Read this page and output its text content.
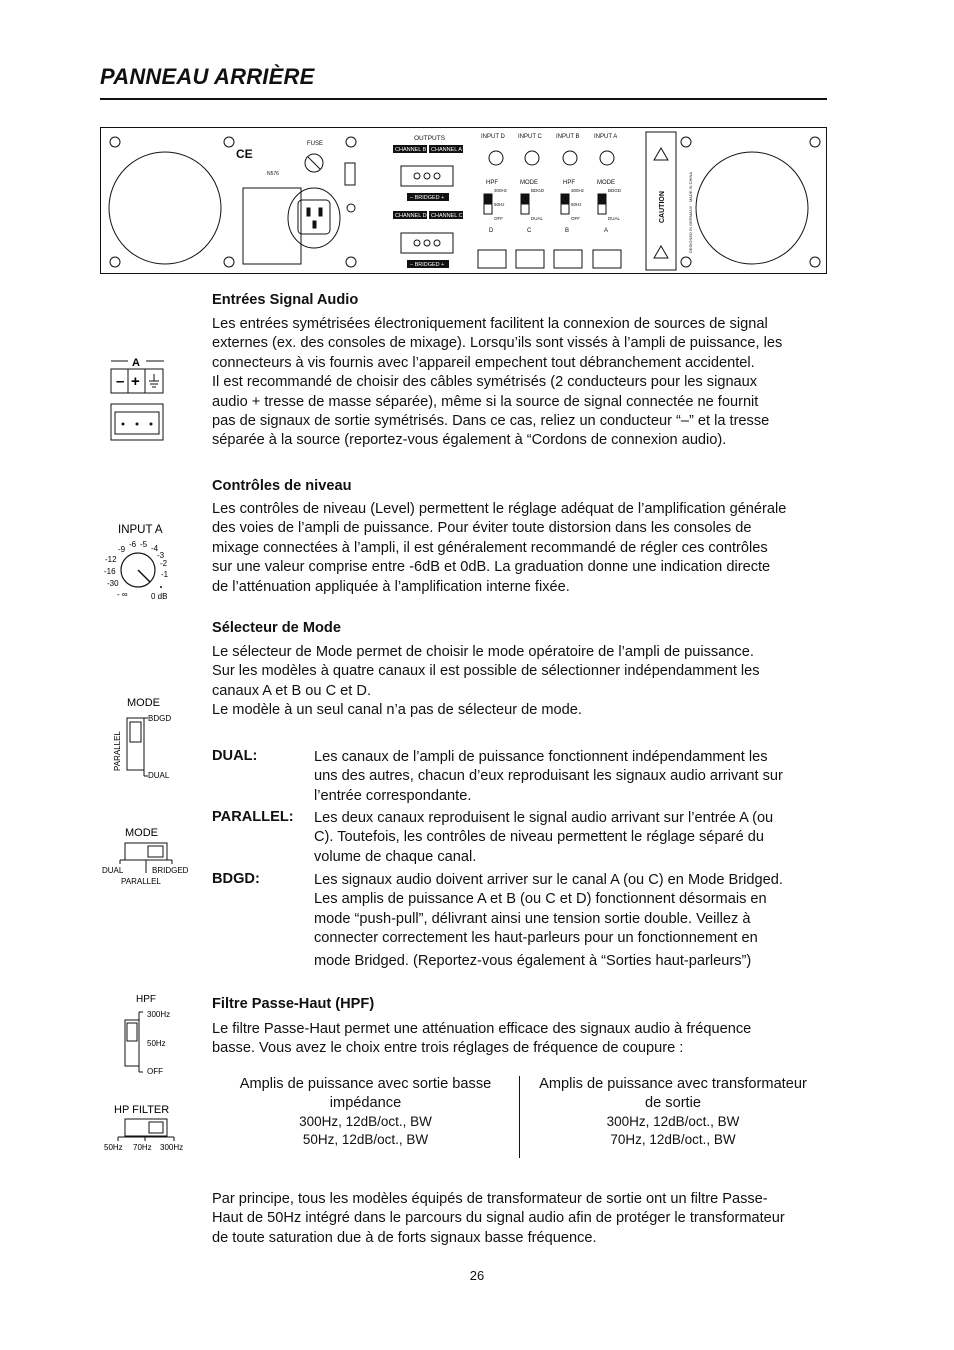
PANNEAU ARRIÈRE
FUSE
OUTPUTS
CHANNEL B CHANNEL A
– BRIDGED +
CHANNEL D CHANNEL C
– BRIDGED +
INPUT D INPUT C INPUT B INPUT A
HPF	MODE	HPF	MODE
300Hz
50Hz
OFF
BDGD
DUAL
300Hz
50Hz
OFF
BDGD
DUAL
D	C	B	A
CE
N576
CAUTION	DESIGNED IN GERMANY · MADE IN CHINA
Entrées Signal Audio

Les entrées symétrisées électroniquement facilitent la connexion de sources de signal

externes (ex. des consoles de mixage). Lorsqu’ils sont vissés à l’ampli de puissance, les

connecteurs à vis fournis avec l’appareil empechent tout débranchement accidentel.

Il est recommandé de choisir des câbles symétrisés (2 conducteurs pour les signaux

audio + tresse de masse séparée), même si la source de signal connectée ne fournit

pas de signaux de sortie symétrisés. Dans ce cas, reliez un conducteur “–” et la tresse

séparée à la source (reportez-vous également à “Cordons de connexion audio).

A
– +
Contrôles de niveau

Les contrôles de niveau (Level) permettent le réglage adéquat de l’amplification générale

des voies de l’ampli de puissance. Pour éviter toute distorsion dans les consoles de

mixage connectées à l’ampli, il est généralement recommandé de régler ces contrôles

sur une valeur comprise entre -6dB et 0dB. La graduation donne une indication directe

de l’atténuation appliquée à l’amplification interne fixée.

INPUT A
-9
-6 -5 -4
-3
-2
-1
-12
-16
-30
- ∞	0 dB
Sélecteur de Mode

Le sélecteur de Mode permet de choisir le mode opératoire de l’ampli de puissance.

Sur les modèles à quatre canaux il est possible de sélectionner indépendamment les

canaux A et B ou C et D.

Le modèle à un seul canal n’a pas de sélecteur de mode.

MODE
BDGD
DUAL
PARALLEL
MODE
DUAL	BRIDGED
PARALLEL
DUAL:	Les canaux de l’ampli de puissance fonctionnent indépendamment les

uns des autres, chacun d’eux reproduisant les signaux audio arrivant sur

l’entrée correspondante.

PARALLEL: Les deux canaux reproduisent le signal audio arrivant sur l’entrée A (ou

C). Toutefois, les contrôles de niveau permettent le réglage séparé du

volume de chaque canal.

BDGD:	Les signaux audio doivent arriver sur le canal A (ou C) en Mode Bridged.

Les amplis de puissance A et B (ou C et D) fonctionnent désormais en

mode “push-pull”, délivrant ainsi une tension sortie double. Veillez à

connecter correctement les haut-parleurs pour un fonctionnement en

mode Bridged. (Reportez-vous également à “Sorties haut-parleurs”)

Filtre Passe-Haut (HPF)

Le filtre Passe-Haut permet une atténuation efficace des signaux audio à fréquence

basse. Vous avez le choix entre trois réglages de fréquence de coupure :

HPF
300Hz
50Hz
OFF
HP FILTER
50Hz 70Hz 300Hz
Amplis de puissance avec sortie basse
impédance
300Hz, 12dB/oct., BW
50Hz, 12dB/oct., BW
Amplis de puissance avec transformateur
de sortie
300Hz, 12dB/oct., BW
70Hz, 12dB/oct., BW

Par principe, tous les modèles équipés de transformateur de sortie ont un filtre Passe-

Haut de 50Hz intégré dans le parcours du signal audio afin de protéger le transformateur

de toute saturation due à de forts signaux basse fréquence.

26
